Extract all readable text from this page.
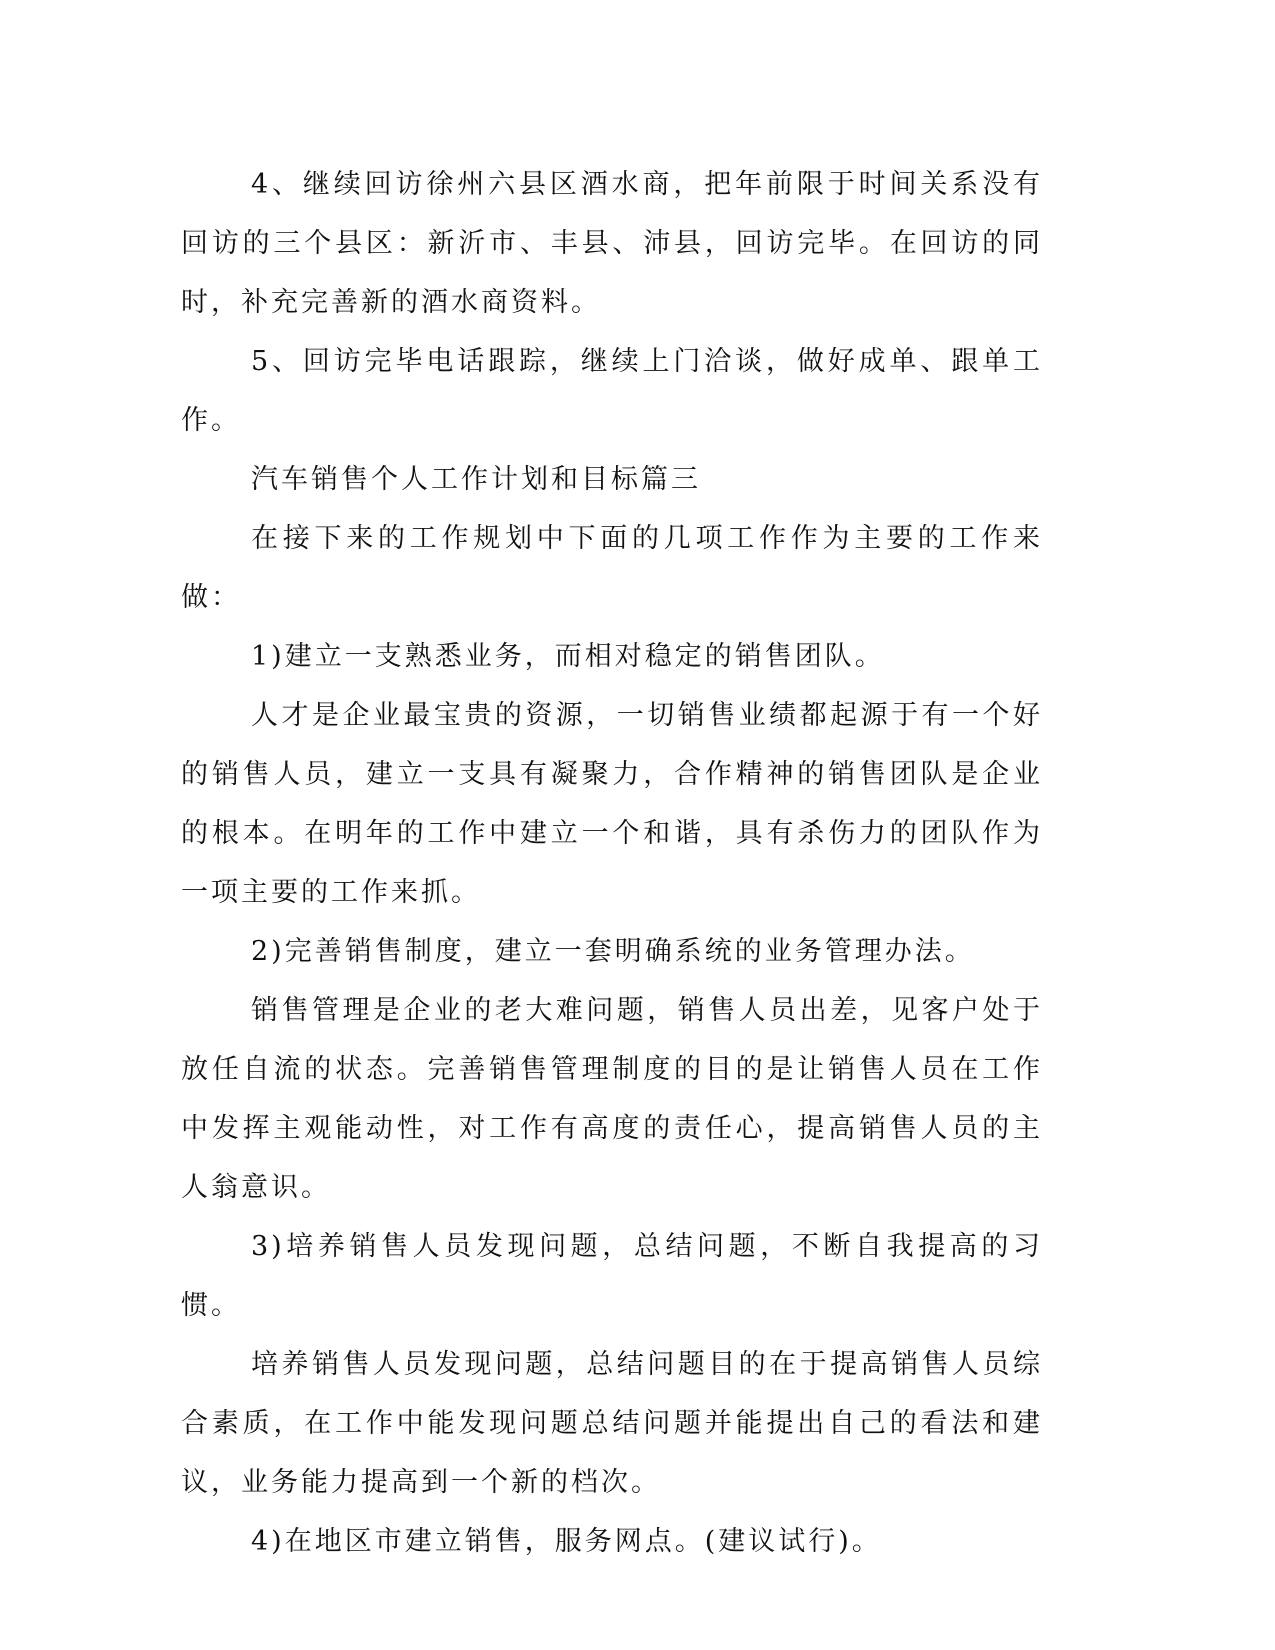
4、继续回访徐州六县区酒水商，把年前限于时间关系没有回访的三个县区：新沂市、丰县、沛县，回访完毕。在回访的同时，补充完善新的酒水商资料。

5、回访完毕电话跟踪，继续上门洽谈，做好成单、跟单工作。

汽车销售个人工作计划和目标篇三

在接下来的工作规划中下面的几项工作作为主要的工作来做：

1)建立一支熟悉业务，而相对稳定的销售团队。

人才是企业最宝贵的资源，一切销售业绩都起源于有一个好的销售人员，建立一支具有凝聚力，合作精神的销售团队是企业的根本。在明年的工作中建立一个和谐，具有杀伤力的团队作为一项主要的工作来抓。

2)完善销售制度，建立一套明确系统的业务管理办法。

销售管理是企业的老大难问题，销售人员出差，见客户处于放任自流的状态。完善销售管理制度的目的是让销售人员在工作中发挥主观能动性，对工作有高度的责任心，提高销售人员的主人翁意识。

3)培养销售人员发现问题，总结问题，不断自我提高的习惯。

培养销售人员发现问题，总结问题目的在于提高销售人员综合素质，在工作中能发现问题总结问题并能提出自己的看法和建议，业务能力提高到一个新的档次。

4)在地区市建立销售，服务网点。(建议试行)。
